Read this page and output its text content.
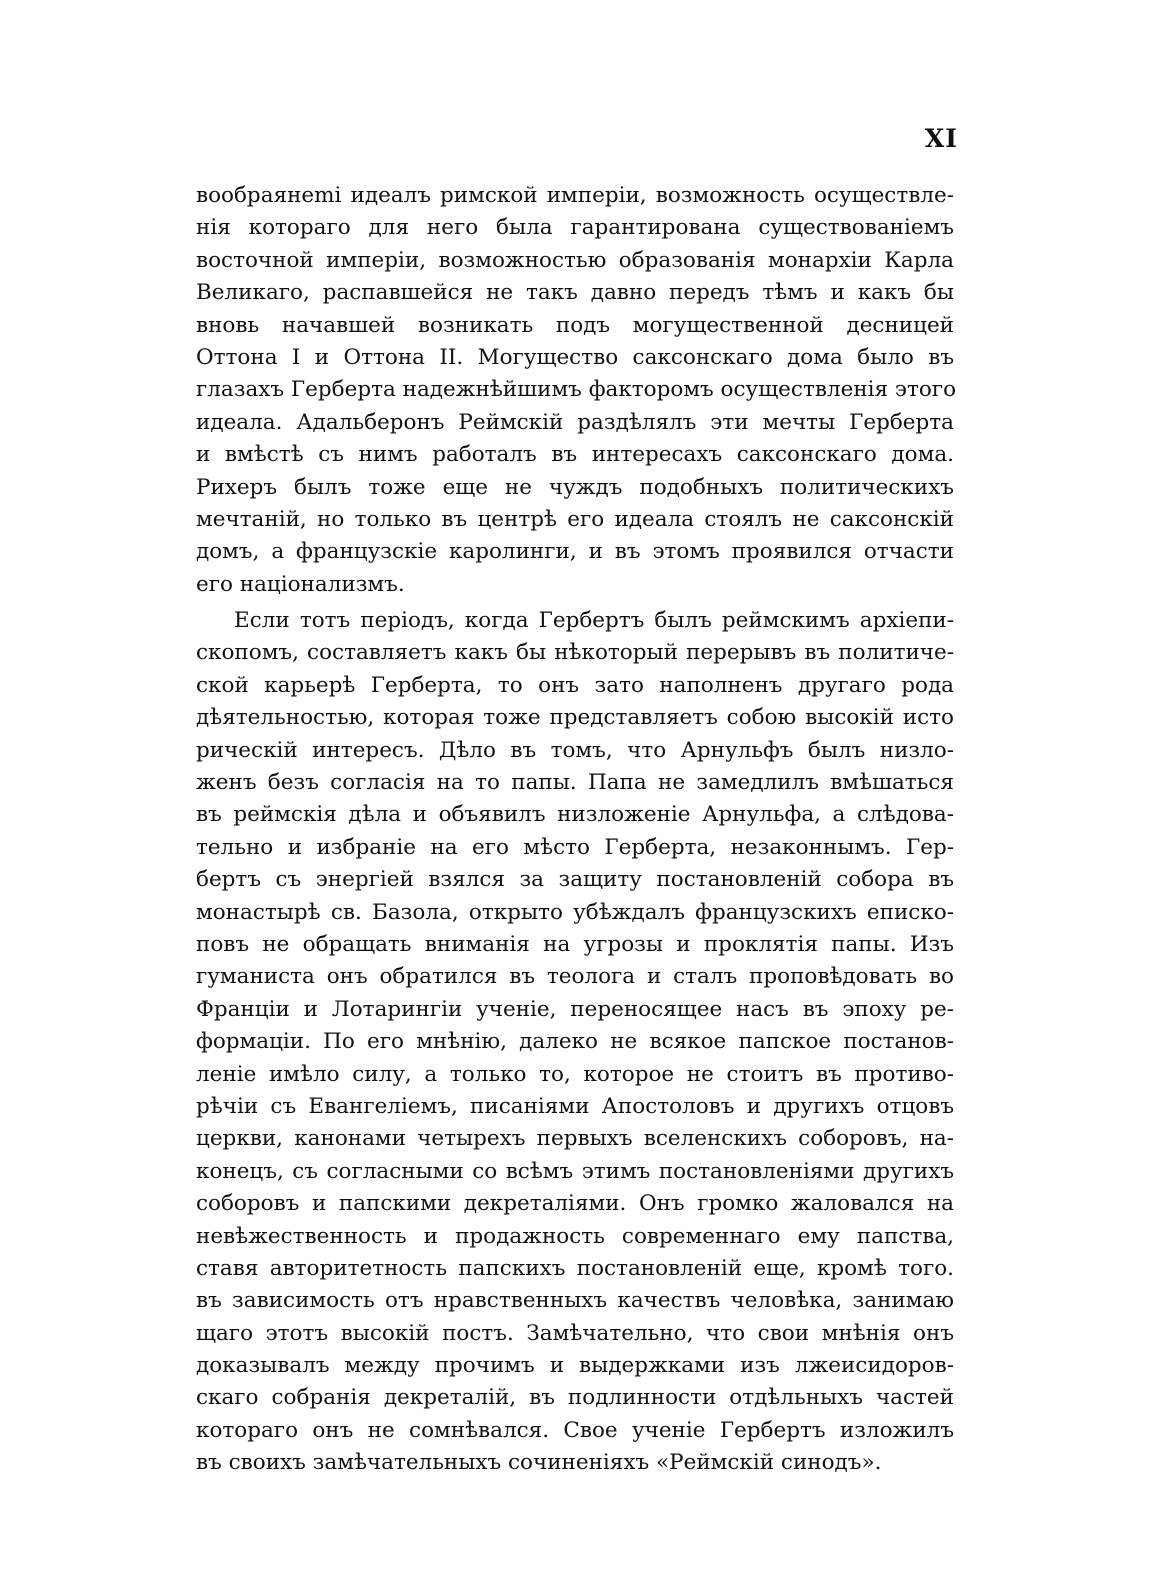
XI
вообраянеmi идеалъ римской имперiи, возможность осуществле-
нiя котораго для него была гарантирована существованiемъ
восточной имперiи, возможностью образованiя монархiи Карла
Великаго, распавшейся не такъ давно передъ тѣмъ и какъ бы
вновь начавшей возникать подъ могущественной десницей
Оттона I и Оттона II. Могущество саксонскаго дома было въ
глазахъ Герберта надежнѣйшимъ факторомъ осуществленiя этого
идеала. Адальберонъ Реймскiй раздѣлялъ эти мечты Герберта
и вмѣстѣ съ нимъ работалъ въ интересахъ саксонскаго дома.
Рихеръ былъ тоже еще не чуждъ подобныхъ политическихъ
мечтанiй, но только въ центрѣ его идеала стоялъ не саксонскiй
домъ, а французскiе каролинги, и въ этомъ проявился отчасти
его нацiонализмъ.
Если тотъ перiодъ, когда Гербертъ былъ реймскимъ архiепи-
скопомъ, составляетъ какъ бы нѣкоторый перерывъ въ политиче-
ской карьерѣ Герберта, то онъ зато наполненъ другаго рода
дѣятельностью, которая тоже представляетъ собою высокiй исто
рическiй интересъ. Дѣло въ томъ, что Арнульфъ былъ низло-
женъ безъ согласiя на то папы. Папа не замедлилъ вмѣшаться
въ реймскiя дѣла и объявилъ низложенiе Арнульфа, а слѣдова-
тельно и избранiе на его мѣсто Герберта, незаконнымъ. Гер-
бертъ съ энергiей взялся за защиту постановленiй собора въ
монастырѣ св. Базола, открыто убѣждалъ французскихъ еписко-
повъ не обращать вниманiя на угрозы и проклятiя папы. Изъ
гуманиста онъ обратился въ теолога и сталъ проповѣдовать во
Францiи и Лотарингiи ученiе, переносящее насъ въ эпоху ре-
формацiи. По его мнѣнiю, далеко не всякое папское постанов-
ленiе имѣло силу, а только то, которое не стоитъ въ противо-
рѣчiи съ Евангелiемъ, писанiями Апостоловъ и другихъ отцовъ
церкви, канонами четырехъ первыхъ вселенскихъ соборовъ, на-
конецъ, съ согласными со всѣмъ этимъ постановленiями другихъ
соборовъ и папскими декреталiями. Онъ громко жаловался на
невѣжественность и продажность современнаго ему папства,
ставя авторитетность папскихъ постановленiй еще, кромѣ того.
въ зависимость отъ нравственныхъ качествъ человѣка, занимаю
щаго этотъ высокiй постъ. Замѣчательно, что свои мнѣнiя онъ
доказывалъ между прочимъ и выдержками изъ лжеисидоров-
скаго собранiя декреталiй, въ подлинности отдѣльныхъ частей
котораго онъ не сомнѣвался. Свое ученiе Гербертъ изложилъ
въ своихъ замѣчательныхъ сочиненiяхъ «Реймскiй синодъ».
